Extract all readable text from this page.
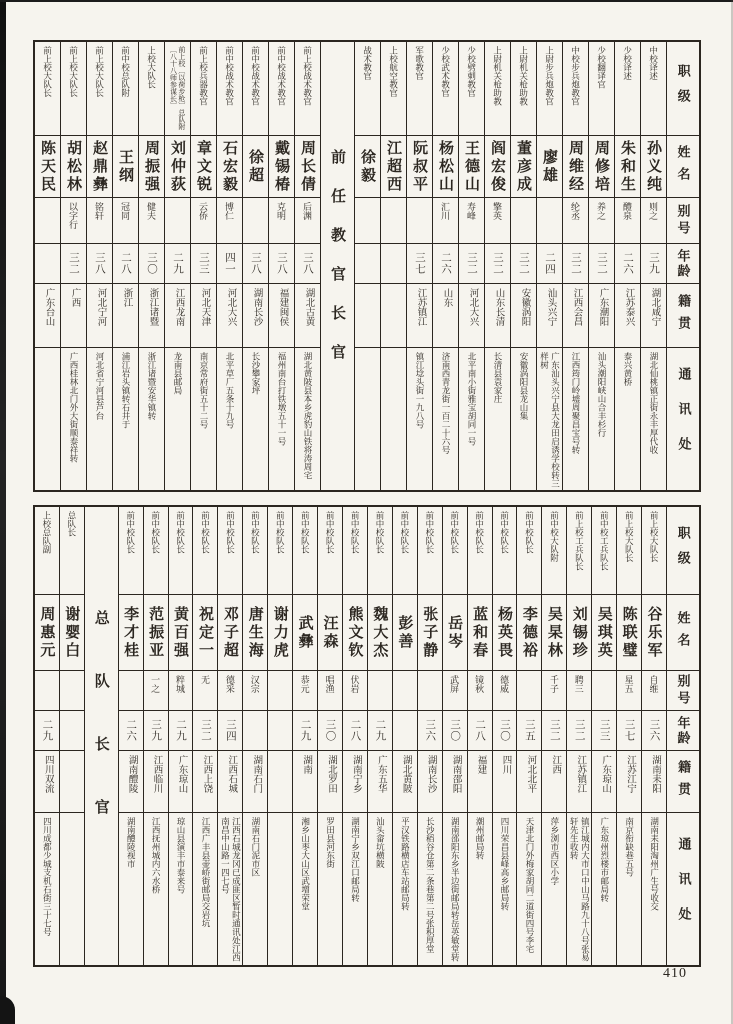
职级
姓名
别号
年龄
籍贯
通讯处
中校译述
孙义纯
则之
三九
湖北咸宁
湖北仙桃镇正街永丰厚代收
少校译述
朱和生
醴泉
二六
江苏泰兴
泰兴黄桥
少校翻译官
周修培
养之
三二
广东潮阳
汕头潮阳峡山合丰杉行
中校步兵炮教官
周维经
纶丞
三二
江西会昌
江西筠门岭墟周聚昌宝号转
上尉步兵炮教官
廖雄
二四
汕头兴宁
广东汕头兴宁县大龙田启诱学校转三样树
上尉机关枪助教
董彦成
三二
安徽涡阳
安徽涡阳县龙山集
上尉机关枪助教
阎宏俊
擎英
三二
山东长清
长清县袁家庄
少校劈刺教官
王德山
寿峰
三二
河北大兴
北平南小街雅宝胡同一号
少校武术教官
杨松山
汇川
二六
山东
济南西青龙街一百二十六号
军歌教官
阮叔平
三七
江苏镇江
镇江埝头街一九八号
上校航空教官
江超西
战术教官
徐毅
前任教官长官
前上校战术教官
周长倩
后渊
三八
湖北古黄
湖北黄陂县本乡虎豹山铁将涛周宅
前中校战术教官
戴锡椿
克明
三八
福建闽侯
福州南台打铁墩五十一号
前中校战术教官
徐超
三八
湖南长沙
长沙攀家坪
前中校战术教官
石宏毅
博仁
四一
河北大兴
北平草厂五条十九号
前上校兵器教官
章文锐
云侨
三三
河北天津
南京常府街五十二号
前上校〔以荷步枪〕总队附〔八十八师参谋长〕
刘仲荻
二九
江西龙南
龙南县邮局
上校大队长
周振强
健夫
三〇
浙江诸暨
浙江诸暨安华镇转
前中校总队附
王纲
冠同
二八
浙江
浦江岩头镇转石井于
前上校大队长
赵鼎彝
铭轩
三八
河北宁河
河北省宁河县芦台
前上校大队长
胡松林
以字行
三二
广西
广西桂林北门外大街顺泰祥转
前上校大队长
陈天民
广东台山
职级
姓名
别号
年龄
籍贯
通讯处
前上校大队长
谷乐军
自维
三六
湖南耒阳
湖南耒阳淘州广生号收交
前上校大队长
陈联璧
星五
三七
江苏江宁
南京衔缺巷五号
前中校工兵队长
吴琪英
三三
广东琼山
广东琼州烈楼市邮局转
前上校工兵队长
刘锡珍
聘三
三二
江苏镇江
镇江城内大市口中山马路九十八号张易轩先生收转
前中校大队附
吴杲林
千子
三二
江西
萍乡浏市西区小学
前中校队长
李德裕
三五
河北北平
天津北门外梅家胡同二道街四号李宅
前中校队长
杨英畏
德威
三〇
四川
四川荣昌县峰高乡邮局转
前中校队长
蓝和春
镜秋
二八
福建
潮州邮局转
前中校队长
岳岑
武屏
三〇
湖南邵阳
湖南邵阳东乡半边街邮局转岳英敏堂转
前中校队长
张子静
三六
湖南长沙
长沙稻谷仓第二条巷第二号张积厚堂
前中校队长
彭善
湖北黄陂
平汉铁路横店车站邮局转
前中校队长
魏大杰
二九
广东五华
汕头畲坑横陂
前中校队长
熊文钦
伏岩
二八
湖南宁乡
湖南宁乡双江口邮局转
前中校队长
汪森
唱渔
三〇
湖北罗田
罗田县河东街
前中校队长
武彝
恭元
二九
湖南
湘乡山枣大山区武增荣堂
前中校队长
谢力虎
前中校队长
唐生海
汉宗
湖南石门
湖南石门泥市区
前中校队长
邓子超
德采
三四
江西石城
江西石城龙冈已成匪区暂时通讯处江西南昌中山路一四七号
前中校队长
祝定一
无
三二
江西上饶
江西广丰县壶峤街邮局交岩坑
前中校队长
黄百强
粹城
二九
广东琼山
琼山县演丰市泰来号
前中校队长
范振亚
一之
三九
江西临川
江西抚州城内六水桥
前中校队长
李才桂
二六
湖南醴陵
湖南醴陵视市
总队长官
总队长
谢婴白
上校总队副
周惠元
二九
四川双流
四川成都少城支机石街三十七号
410
